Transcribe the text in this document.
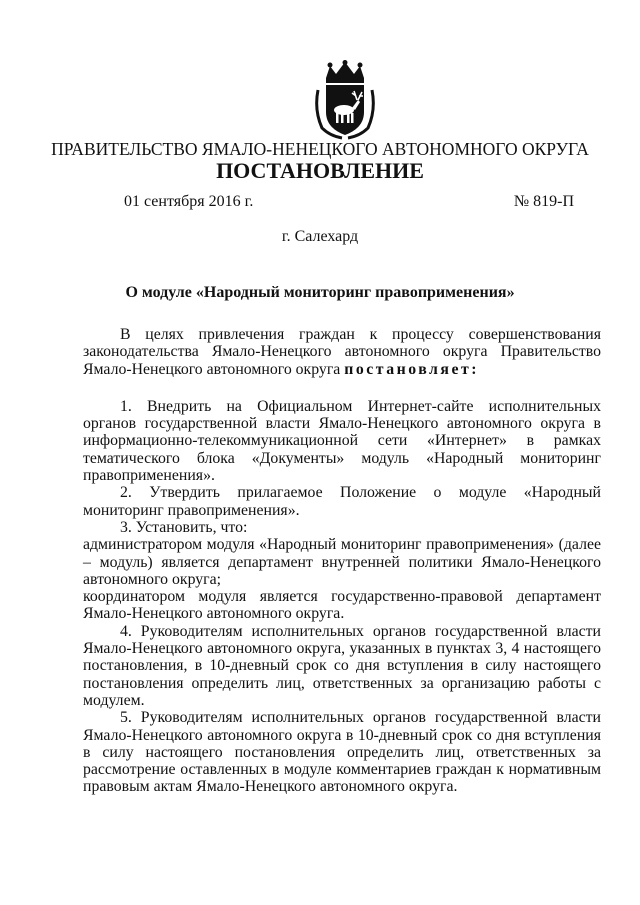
ПРАВИТЕЛЬСТВО ЯМАЛО-НЕНЕЦКОГО АВТОНОМНОГО ОКРУГА
ПОСТАНОВЛЕНИЕ
01 сентября 2016 г.	№ 819-П
г. Салехард
О модуле «Народный мониторинг правоприменения»

В целях привлечения граждан к процессу совершенствования законодательства Ямало-Ненецкого автономного округа Правительство Ямало-Ненецкого автономного округа постановляет:

1. Внедрить на Официальном Интернет-сайте исполнительных органов государственной власти Ямало-Ненецкого автономного округа в информационно-телекоммуникационной сети «Интернет» в рамках тематического блока «Документы» модуль «Народный мониторинг правоприменения».

2. Утвердить прилагаемое Положение о модуле «Народный мониторинг правоприменения».

3. Установить, что:

администратором модуля «Народный мониторинг правоприменения» (далее – модуль) является департамент внутренней политики Ямало-Ненецкого автономного округа;

координатором модуля является государственно-правовой департамент Ямало-Ненецкого автономного округа.

4. Руководителям исполнительных органов государственной власти Ямало-Ненецкого автономного округа, указанных в пунктах 3, 4 настоящего постановления, в 10-дневный срок со дня вступления в силу настоящего постановления определить лиц, ответственных за организацию работы с модулем.

5. Руководителям исполнительных органов государственной власти Ямало-Ненецкого автономного округа в 10-дневный срок со дня вступления в силу настоящего постановления определить лиц, ответственных за рассмотрение оставленных в модуле комментариев граждан к нормативным правовым актам Ямало-Ненецкого автономного округа.
